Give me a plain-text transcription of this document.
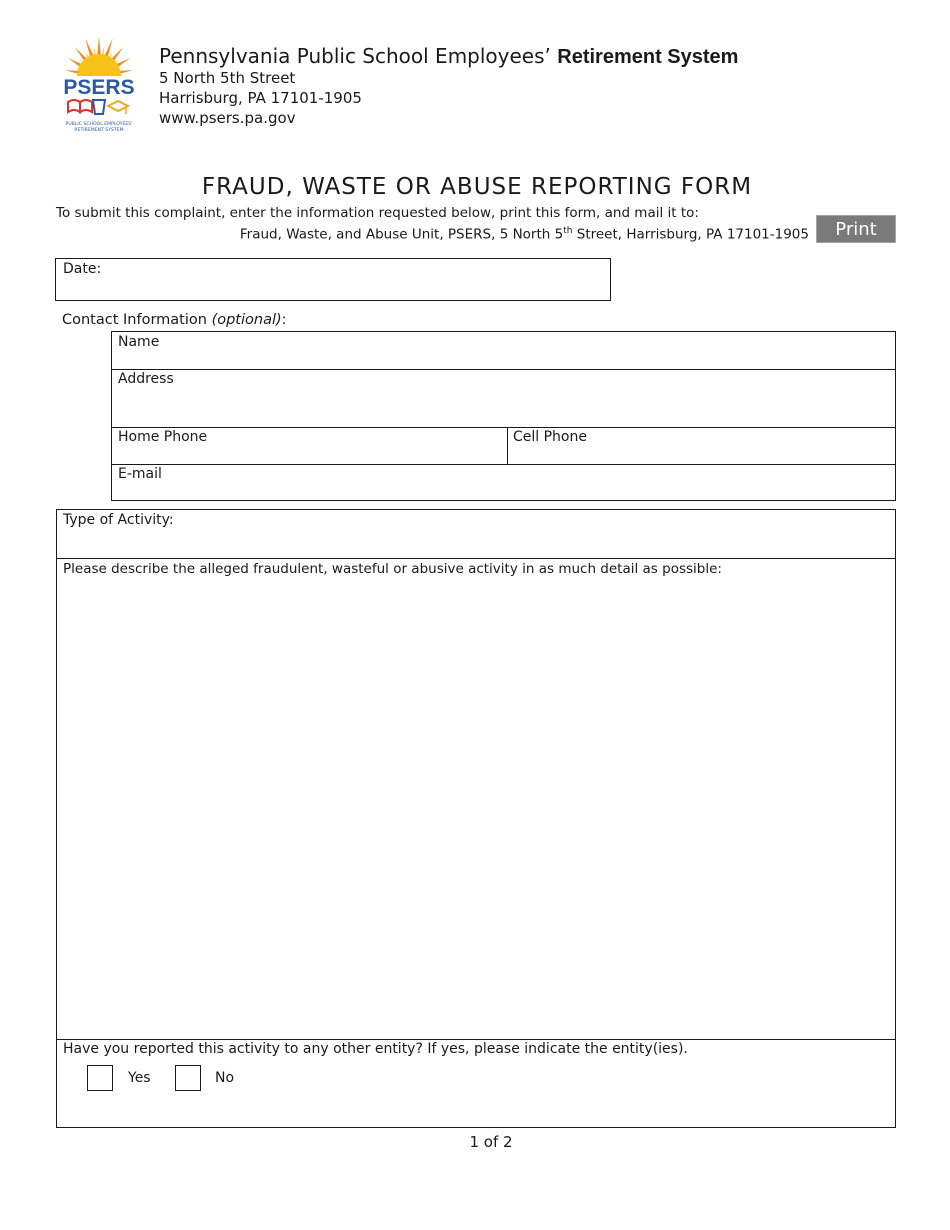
PSERS
PUBLIC SCHOOL EMPLOYEES' RETIREMENT SYSTEM
Pennsylvania Public School Employees’ Retirement System
5 North 5th Street
Harrisburg, PA 17101-1905
www.psers.pa.gov
FRAUD, WASTE OR ABUSE REPORTING FORM
To submit this complaint, enter the information requested below, print this form, and mail it to:
Fraud, Waste, and Abuse Unit, PSERS, 5 North 5th Street, Harrisburg, PA 17101-1905	Print
Date:
Contact Information (optional):
Name
Address
Home Phone	Cell Phone
E-mail
Type of Activity:
Please describe the alleged fraudulent, wasteful or abusive activity in as much detail as possible:
Have you reported this activity to any other entity? If yes, please indicate the entity(ies).
Yes	No
1 of 2
